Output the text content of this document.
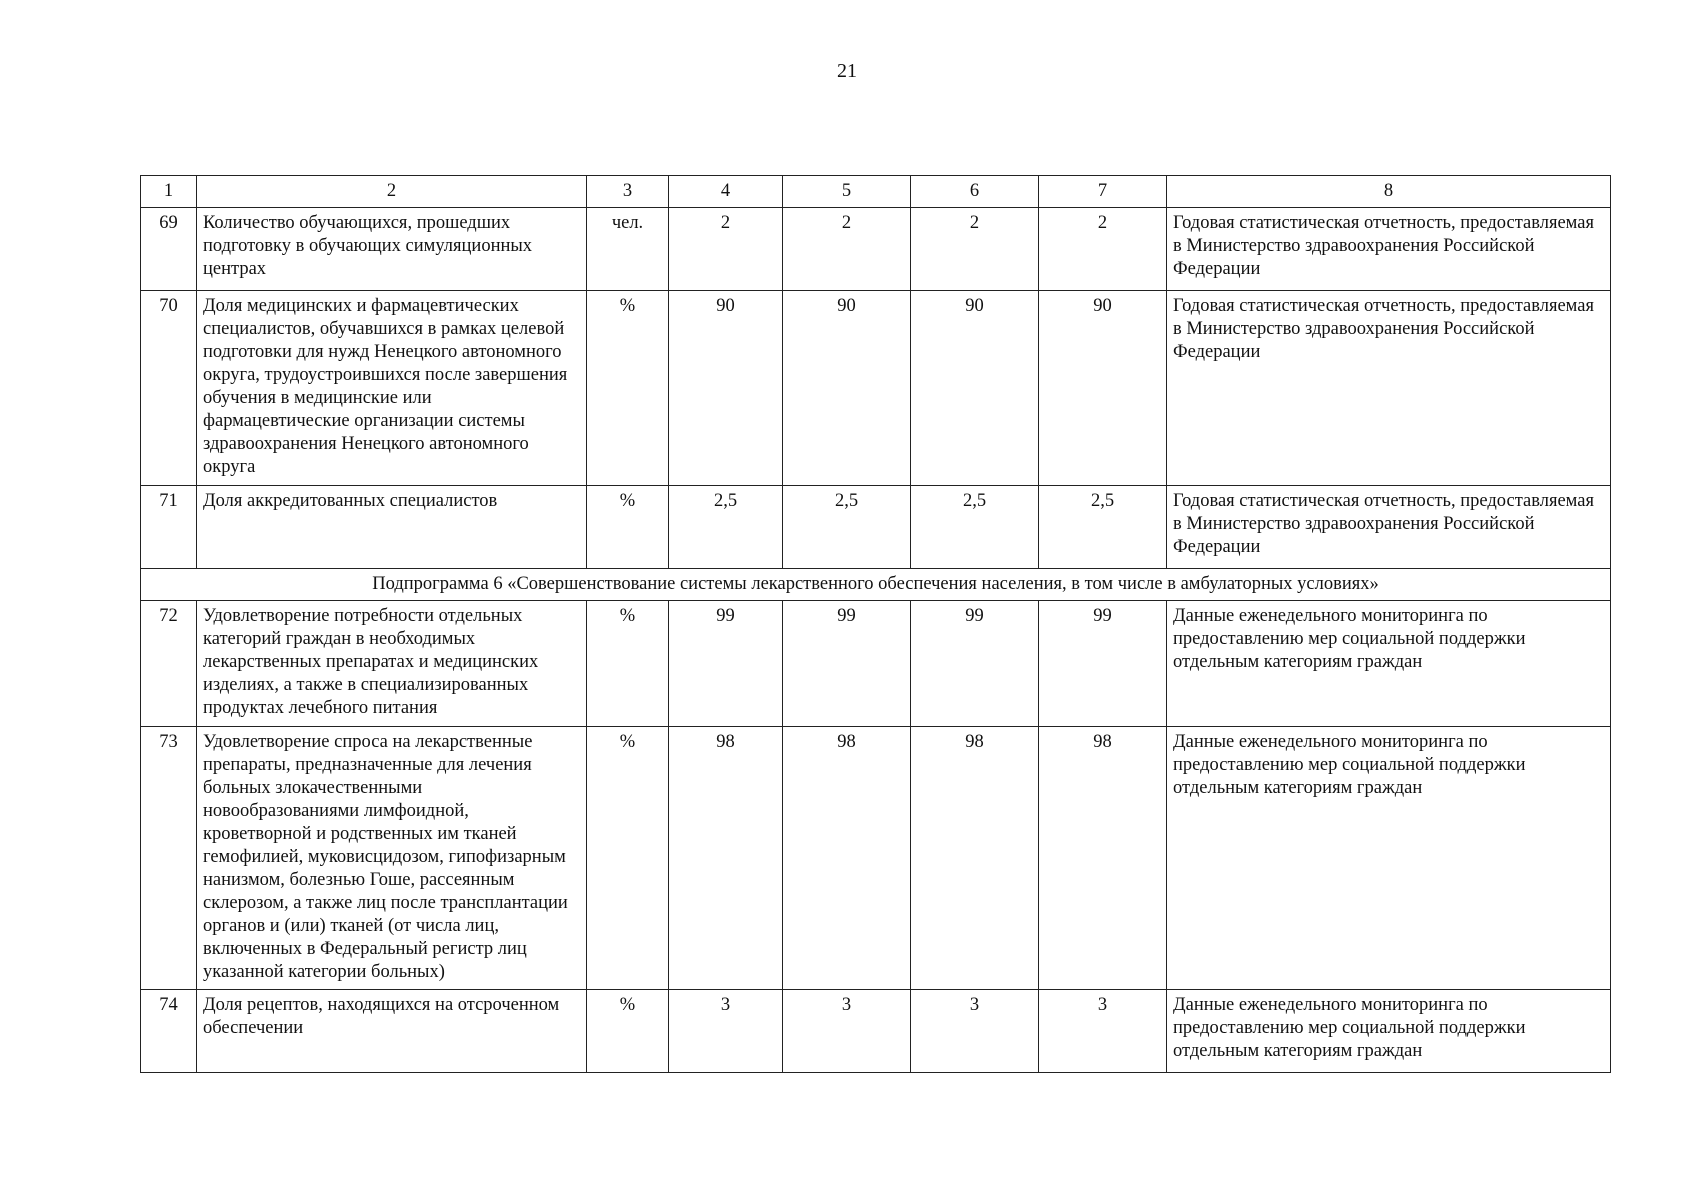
21
1	2	3	4	5	6	7	8
69	Количество обучающихся, прошедших подготовку в обучающих симуляционных центрах	чел.	2	2	2	2	Годовая статистическая отчетность, предоставляемая в Министерство здравоохранения Российской Федерации
70	Доля медицинских и фармацевтических специалистов, обучавшихся в рамках целевой подготовки для нужд Ненецкого автономного округа, трудоустроившихся после завершения обучения в медицинские или фармацевтические организации системы здравоохранения Ненецкого автономного округа	%	90	90	90	90	Годовая статистическая отчетность, предоставляемая в Министерство здравоохранения Российской Федерации
71	Доля аккредитованных специалистов	%	2,5	2,5	2,5	2,5	Годовая статистическая отчетность, предоставляемая в Министерство здравоохранения Российской Федерации
Подпрограмма 6 «Совершенствование системы лекарственного обеспечения населения, в том числе в амбулаторных условиях»							
72	Удовлетворение потребности отдельных категорий граждан в необходимых лекарственных препаратах и медицинских изделиях, а также в специализированных продуктах лечебного питания	%	99	99	99	99	Данные еженедельного мониторинга по предоставлению мер социальной поддержки отдельным категориям граждан
73	Удовлетворение спроса на лекарственные препараты, предназначенные для лечения больных злокачественными новообразованиями лимфоидной, кроветворной и родственных им тканей гемофилией, муковисцидозом, гипофизарным нанизмом, болезнью Гоше, рассеянным склерозом, а также лиц после трансплантации органов и (или) тканей (от числа лиц, включенных в Федеральный регистр лиц указанной категории больных)	%	98	98	98	98	Данные еженедельного мониторинга по предоставлению мер социальной поддержки отдельным категориям граждан
74	Доля рецептов, находящихся на отсроченном обеспечении	%	3	3	3	3	Данные еженедельного мониторинга по предоставлению мер социальной поддержки отдельным категориям граждан
